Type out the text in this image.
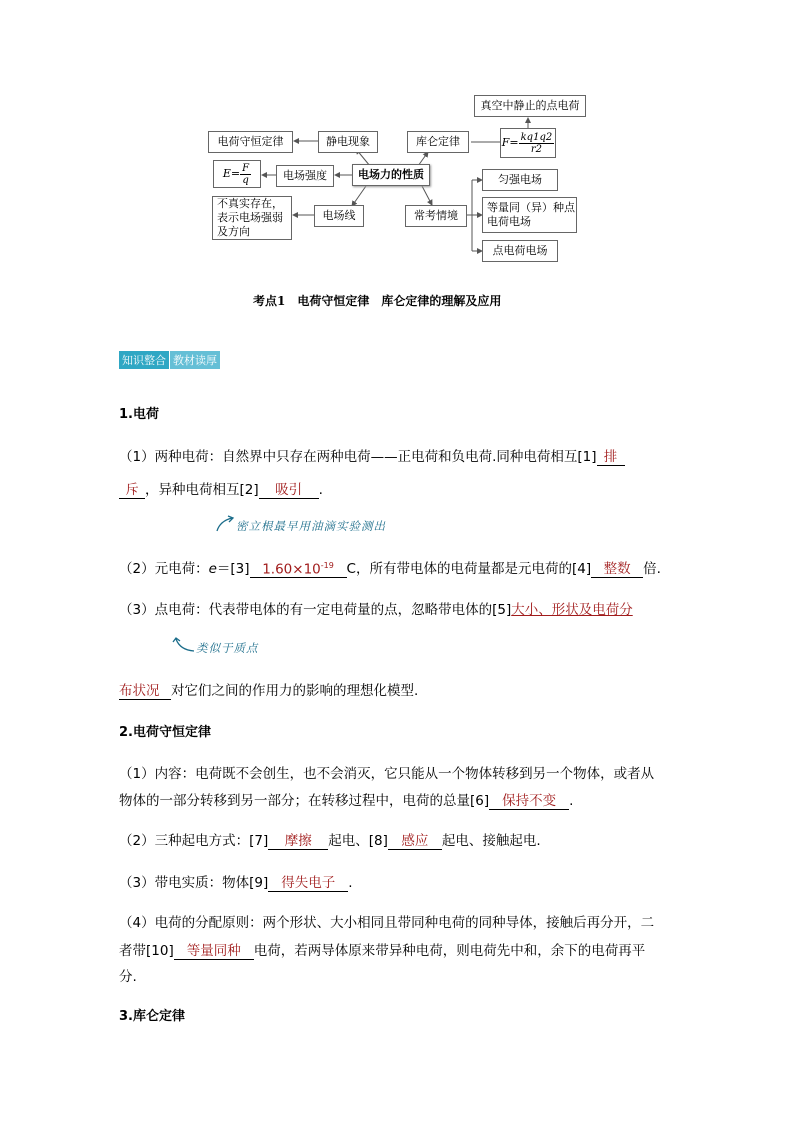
真空中静止的点电荷
电荷守恒定律	静电现象	库仑定律	$F= \frac{kq1q2}{r2}$
$E= \frac{F}{q}$	电场强度	电场力的性质	匀强电场
不真实存在，表示电场强弱及方向
电场线	常考情境
等量同（异）种点电荷电场
点电荷电场
考点1　电荷守恒定律　库仑定律的理解及应用
知识整合 教材读厚
1.电荷
（1）两种电荷：自然界中只存在两种电荷——正电荷和负电荷.同种电荷相互[1] 排
斥 ，异种电荷相互[2] 吸引 .
密立根最早用油滴实验测出
（2）元电荷：e＝[3] $1.60\times 10^{-19}$ C，所有带电体的电荷量都是元电荷的[4] 整数 倍.
（3）点电荷：代表带电体的有一定电荷量的点，忽略带电体的[5]大小、形状及电荷分
类似于质点
布状况 对它们之间的作用力的影响的理想化模型.
2.电荷守恒定律
（1）内容：电荷既不会创生，也不会消灭，它只能从一个物体转移到另一个物体，或者从
物体的一部分转移到另一部分；在转移过程中，电荷的总量[6] 保持不变 .
（2）三种起电方式：[7] 摩擦 起电、[8] 感应 起电、接触起电.
（3）带电实质：物体[9] 得失电子 .
（4）电荷的分配原则：两个形状、大小相同且带同种电荷的同种导体，接触后再分开，二
者带[10] 等量同种 电荷，若两导体原来带异种电荷，则电荷先中和，余下的电荷再平
分.
3.库仑定律
